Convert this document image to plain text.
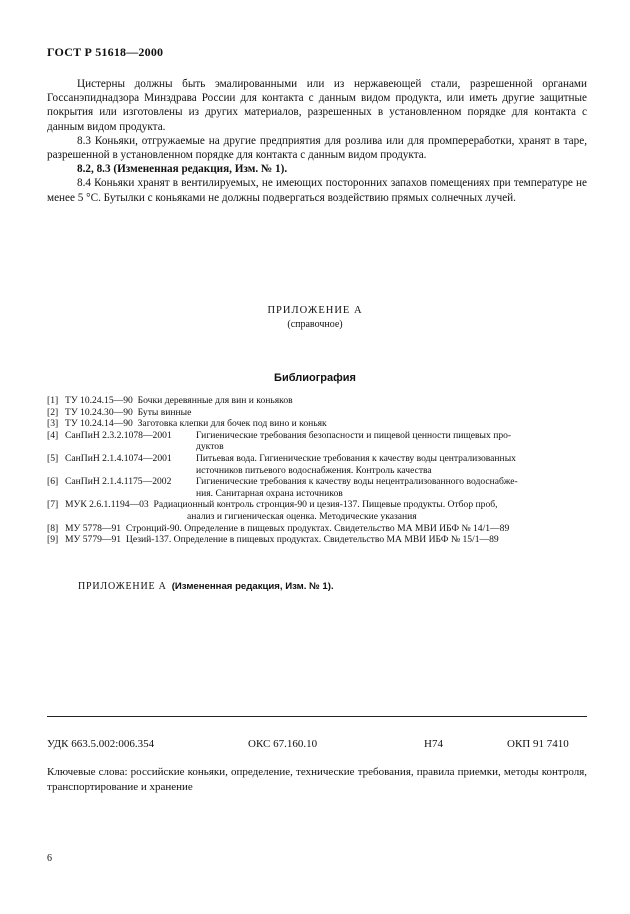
ГОСТ Р 51618—2000

Цистерны должны быть эмалированными или из нержавеющей стали, разрешенной органами Госсанэпиднадзора Минздрава России для контакта с данным видом продукта, или иметь другие защитные покрытия или изготовлены из других материалов, разрешенных в установленном порядке для контакта с данным видом продукта.

8.3 Коньяки, отгружаемые на другие предприятия для розлива или для промпереработки, хранят в таре, разрешенной в установленном порядке для контакта с данным видом продукта.

8.2, 8.3 (Измененная редакция, Изм. № 1).

8.4 Коньяки хранят в вентилируемых, не имеющих посторонних запахов помещениях при температуре не менее 5 °С. Бутылки с коньяками не должны подвергаться воздействию прямых солнечных лучей.

ПРИЛОЖЕНИЕ А
(справочное)
Библиография
[1] ТУ 10.24.15—90 Бочки деревянные для вин и коньяков
[2] ТУ 10.24.30—90 Буты винные
[3] ТУ 10.24.14—90 Заготовка клепки для бочек под вино и коньяк
[4] СанПиН 2.3.2.1078—2001	Гигиенические требования безопасности и пищевой ценности пищевых про-
дуктов
[5] СанПиН 2.1.4.1074—2001	Питьевая вода. Гигиенические требования к качеству воды централизованных
источников питьевого водоснабжения. Контроль качества
[6] СанПиН 2.1.4.1175—2002	Гигиенические требования к качеству воды нецентрализованного водоснабже-
ния. Санитарная охрана источников
[7] МУК 2.6.1.1194—03 Радиационный контроль стронция-90 и цезия-137. Пищевые продукты. Отбор проб,
анализ и гигиеническая оценка. Методические указания
[8] МУ 5778—91 Стронций-90. Определение в пищевых продуктах. Свидетельство МА МВИ ИБФ № 14/1—89
[9] МУ 5779—91 Цезий-137. Определение в пищевых продуктах. Свидетельство МА МВИ ИБФ № 15/1—89
ПРИЛОЖЕНИЕ А (Измененная редакция, Изм. № 1).
УДК 663.5.002:006.354	ОКС 67.160.10	Н74	ОКП 91 7410
Ключевые слова: российские коньяки, определение, технические требования, правила приемки, методы контроля, транспортирование и хранение
6
